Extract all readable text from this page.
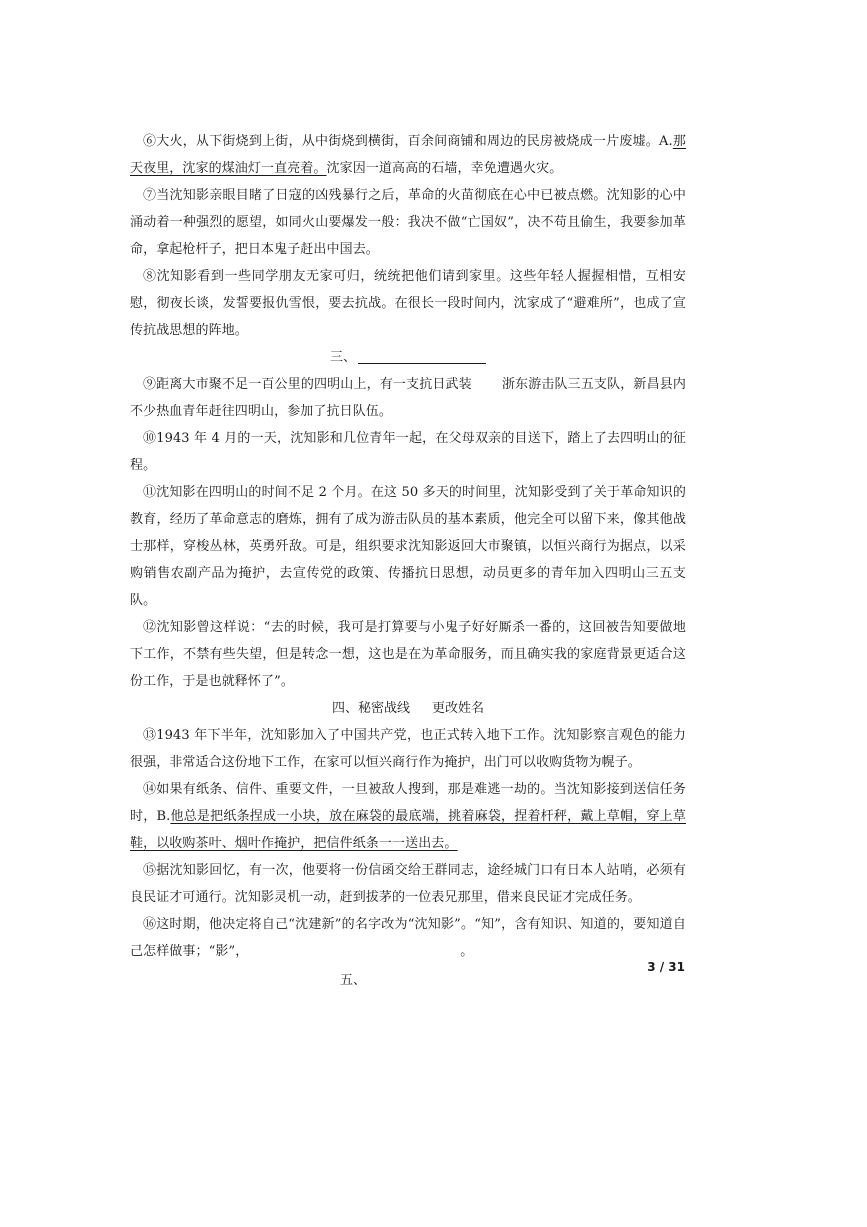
⑥大火，从下街烧到上街，从中街烧到横街，百余间商铺和周边的民房被烧成一片废墟。A.那天夜里，沈家的煤油灯一直亮着。沈家因一道高高的石墙，幸免遭遇火灾。

⑦当沈知影亲眼目睹了日寇的凶残暴行之后，革命的火苗彻底在心中已被点燃。沈知影的心中涌动着一种强烈的愿望，如同火山要爆发一般：我决不做“亡国奴”，决不苟且偷生，我要参加革命，拿起枪杆子，把日本鬼子赶出中国去。

⑧沈知影看到一些同学朋友无家可归，统统把他们请到家里。这些年轻人握握相惜，互相安慰，彻夜长谈，发誓要报仇雪恨，要去抗战。在很长一段时间内，沈家成了“避难所”，也成了宣传抗战思想的阵地。

三、

⑨距离大市聚不足一百公里的四明山上，有一支抗日武装 浙东游击队三五支队，新昌县内不少热血青年赶往四明山，参加了抗日队伍。

⑩1943 年 4 月的一天，沈知影和几位青年一起，在父母双亲的目送下，踏上了去四明山的征程。

⑪沈知影在四明山的时间不足 2 个月。在这 50 多天的时间里，沈知影受到了关于革命知识的教育，经历了革命意志的磨炼，拥有了成为游击队员的基本素质，他完全可以留下来，像其他战士那样，穿梭丛林，英勇歼敌。可是，组织要求沈知影返回大市聚镇，以恒兴商行为据点，以采购销售农副产品为掩护，去宣传党的政策、传播抗日思想，动员更多的青年加入四明山三五支队。

⑫沈知影曾这样说：“去的时候，我可是打算要与小鬼子好好厮杀一番的，这回被告知要做地下工作，不禁有些失望，但是转念一想，这也是在为革命服务，而且确实我的家庭背景更适合这份工作，于是也就释怀了”。

四、秘密战线 更改姓名

⑬1943 年下半年，沈知影加入了中国共产党，也正式转入地下工作。沈知影察言观色的能力很强，非常适合这份地下工作，在家可以恒兴商行作为掩护，出门可以收购货物为幌子。

⑭如果有纸条、信件、重要文件，一旦被敌人搜到，那是难逃一劫的。当沈知影接到送信任务时，B.他总是把纸条捏成一小块，放在麻袋的最底端，挑着麻袋，捏着杆秤，戴上草帽，穿上草鞋，以收购茶叶、烟叶作掩护，把信件纸条一一送出去。

⑮据沈知影回忆，有一次，他要将一份信函交给王群同志，途经城门口有日本人站哨，必须有良民证才可通行。沈知影灵机一动，赶到拔茅的一位表兄那里，借来良民证才完成任务。

⑯这时期，他决定将自己“沈建新”的名字改为“沈知影”。“知”，含有知识、知道的，要知道自己怎样做事；“影”，	。

五、

3 / 31
